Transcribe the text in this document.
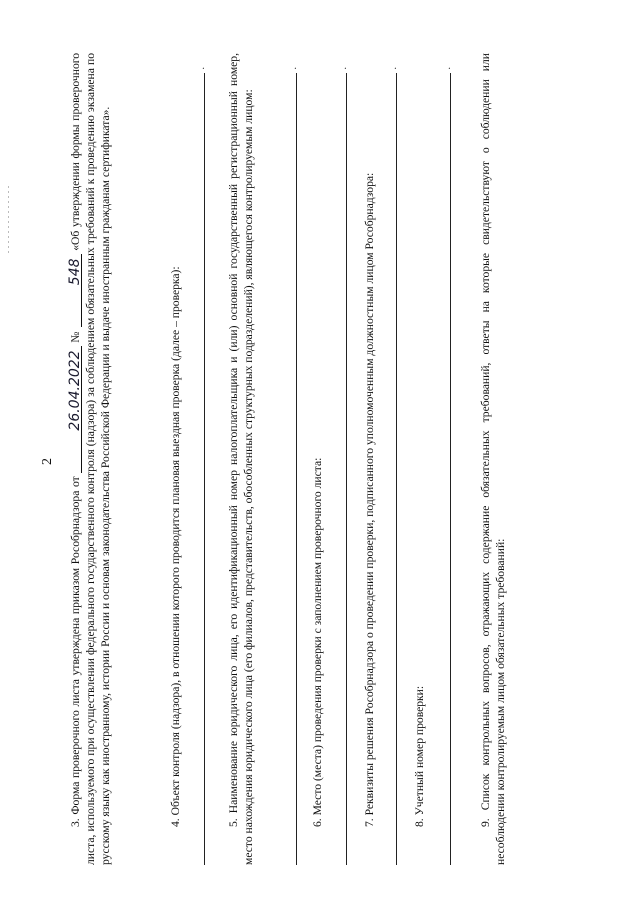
2

3. Форма проверочного листа утверждена приказом Рособрнадзора от 26.04.2022 № 548 «Об утверждении формы проверочного листа, используемого при осуществлении федерального государственного контроля (надзора) за соблюдением обязательных требований к проведению экзамена по русскому языку как иностранному, истории России и основам законодательства Российской Федерации и выдаче иностранным гражданам сертификата».	4. Объект контроля (надзора), в отношении которого проводится плановая выездная проверка (далее – проверка):

. 5. Наименование юридического лица, его идентификационный номер налогоплательщика и (или) основной государственный регистрационный номер, место нахождения юридического лица (его филиалов, представительств, обособленных структурных подразделений), являющегося контролируемым лицом:

.

6. Место (места) проведения проверки с заполнением проверочного листа:

.

7. Реквизиты решения Рособрнадзора о проведении проверки, подписанного уполномоченным должностным лицом Рособрнадзора:

.

8. Учетный номер проверки:

. 9. Список контрольных вопросов, отражающих содержание обязательных требований, ответы на которые свидетельствуют о соблюдении или несоблюдении контролируемым лицом обязательных требований:
